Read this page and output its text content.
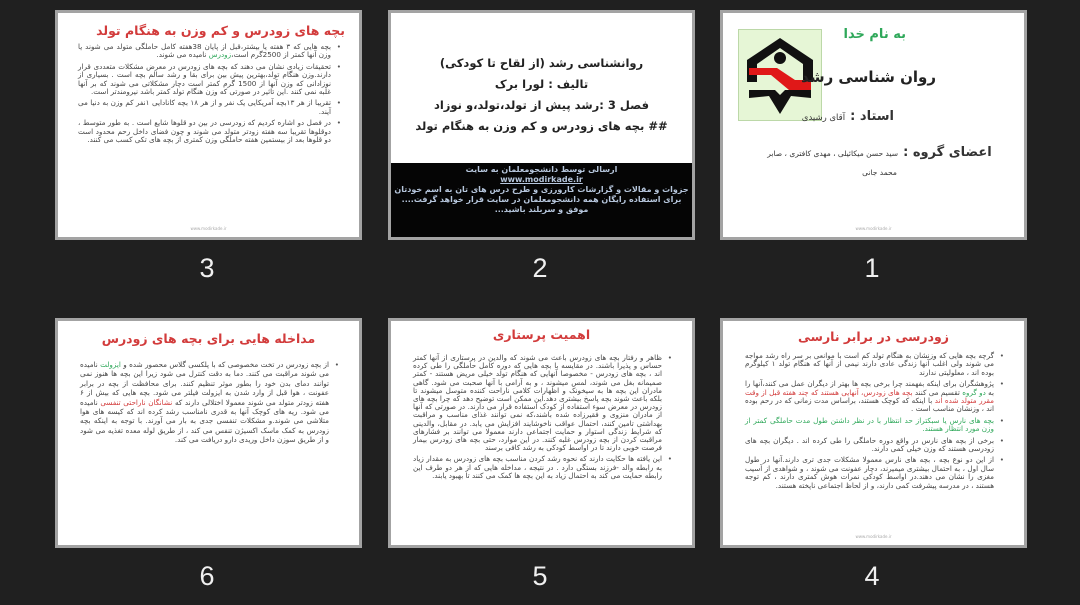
به نام خدا
روان شناسی رشد
استاد : آقای رشیدی
اعضای گروه : سید حسن میکائیلی ، مهدی کافتری ، صابر محمد جانی
www.modirkade.ir
1
روانشناسی رشد (از لقاح تا کودکی)
تالیف : لورا برک
فصل 3 :رشد پیش از تولد،تولد،و نوزاد
## بچه های زودرس و کم وزن به هنگام تولد
ارسالی توسط دانشجومعلمان به سایت
www.modirkade.ir
جزوات و مقالات و گزارشات کارورزی و طرح درس های تان به اسم خودتان برای استفاده رایگان همه دانشجومعلمان در سایت قرار خواهد گرفت....
موفق و سربلند باشید...
2
بچه های زودرس و کم وزن به هنگام تولد
• بچه هایی که ۳ هفته یا بیشتر،قبل از پایان 38هفته کامل حاملگی متولد می شوند یا وزن آنها کمتر از 2500گرم است،زودرس نامیده می شوند.
• تحقیقات زیادی نشان می دهند که بچه های زودرس در معرض مشکلات متعددی قرار دارند.وزن هنگام تولد،بهترین پیش بین برای بقا و رشد سالم بچه است . بسیاری از نوزادانی که وزن آنها از 1500 گرم کمتر است دچار مشکلاتی می شوند که بر آنها غلبه نمی کنند .این تاثیر در صورتی که وزن هنگام تولد کمتر باشد نیرومندتر است.
• تقریبا از هر ۱۳بچه آمریکایی یک نفر و از هر ۱۸ بچه کانادایی ۱نفر کم وزن به دنیا می آیند.
• در فصل دو اشاره کردیم که زودرسی در بین دو قلوها شایع است . به طور متوسط ، دوقلوها تقریبا سه هفته زودتر متولد می شوند و چون فضای داخل رحم محدود است دو قلوها بعد از بیستمین هفته حاملگی وزن کمتری از بچه های تکی کسب می کنند.
www.modirkade.ir
3
زودرسی در برابر نارسی
• گرچه بچه هایی که وزنشان به هنگام تولد کم است با موانعی بر سر راه رشد مواجه می شوند ولی اغلب آنها زندگی عادی دارند نیمی از آنها که هنگام تولد ۱ کیلوگرم بوده اند ، معلولیتی ندارند
• پژوهشگران برای اینکه بفهمند چرا برخی بچه ها بهتر از دیگران عمل می کنند،آنها را به دو گروه تقسیم می کنند بچه های زودرس، آنهایی هستند که چند هفته قبل از وقت مقرر متولد شده اند با اینکه که کوچک هستند، براساس مدت زمانی که در رحم بوده اند ، وزنشان مناسب است .
• بچه های نارس یا سبکتراز حد انتظار با در نظر داشتن طول مدت حاملگی کمتر از وزن مورد انتظار هستند.
• برخی از بچه های نارس در واقع دوره حاملگی را طی کرده اند . دیگران بچه های زودرسی هستند که وزن خیلی کمی دارند.
• از این دو نوع بچه ، بچه های نارس معمولا مشکلات جدی تری دارند.آنها در طول سال اول ، به احتمال بیشتری میمیرند، دچار عفونت می شوند ، و شواهدی از آسیب مغزی را نشان می دهند.در اواسط کودکی نمرات هوش کمتری دارند ، کم توجه هستند ، در مدرسه پیشرفت کمی دارند، و از لحاظ اجتماعی ناپخته هستند.
www.modirkade.ir
4
اهمیت پرستاری
• ظاهر و رفتار بچه های زودرس باعث می شوند که والدین در پرستاری از آنها کمتر حساس و پذیرا باشند. در مقایسه با بچه هایی که دوره کامل حاملگی را طی کرده اند ، بچه های زودرس - مخصوصا آنهایی که هنگام تولد خیلی مریض هستند - کمتر صمیمانه بغل می شوند، لمس میشوند ، و به آرامی با آنها صحبت می شود. گاهی مادران این بچه ها به سیخونک و اظهارات کلامی ناراحت کننده متوسل میشوند تا بلکه باعث شوند بچه پاسخ بیشتری دهد.این ممکن است توضیح دهد که چرا بچه های زودرس در معرض سوء استفاده از کودک استفاده قرار می دارند. در صورتی که آنها از مادران منزوی و فقیرزاده شده باشند،که نمی توانند غذای مناسب و مراقبت بهداشتی تامین کنند، احتمال عواقب ناخوشایند افزایش می یابد. در مقابل، والدینی که شرایط زندگی استوار و حمایت اجتماعی دارند معمولا می توانند بر فشارهای مراقبت کردن از بچه زودرس غلبه کنند. در این موارد، حتی بچه های زودرس بیمار فرصت خوبی دارند تا در اواسط کودکی به رشد کافی برسند
• این یافته ها حکایت دارند که نحوه رشد کردن مناسب بچه های زودرس به مقدار زیاد به رابطه والد -فرزند بستگی دارد . در نتیجه ، مداخله هایی که از هر دو طرف این رابطه حمایت می کند به احتمال زیاد به این بچه ها کمک می کنند تا بهبود یابند.
5
مداخله هایی برای بچه های زودرس
• از بچه زودرس در تخت مخصوصی که با پلکسی گلاس محصور شده و ایزولت نامیده می شوند مراقبت می کنند. دما به دقت کنترل می شود زیرا این بچه ها هنوز نمی توانند دمای بدن خود را بطور موثر تنظیم کنند. برای محافظت از بچه در برابر عفونت ، هوا قبل از وارد شدن به ایزولت فیلتر می شود. بچه هایی که بیش از ۶ هفته زودتر متولد می شوند معمولا اختلالی دارند که نشانگان ناراحتی تنفسی نامیده می شود. ریه های کوچک آنها به قدری نامناسب رشد کرده اند که کیسه های هوا متلاشی می شوند.و مشکلات تنفسی جدی به بار می آورند. با توجه به اینکه بچه زودرس به کمک ماسک اکسیژن تنفس می کند ، از طریق لوله معده تغذیه می شود و از طریق سوزن داخل وریدی دارو دریافت می کند.
6
